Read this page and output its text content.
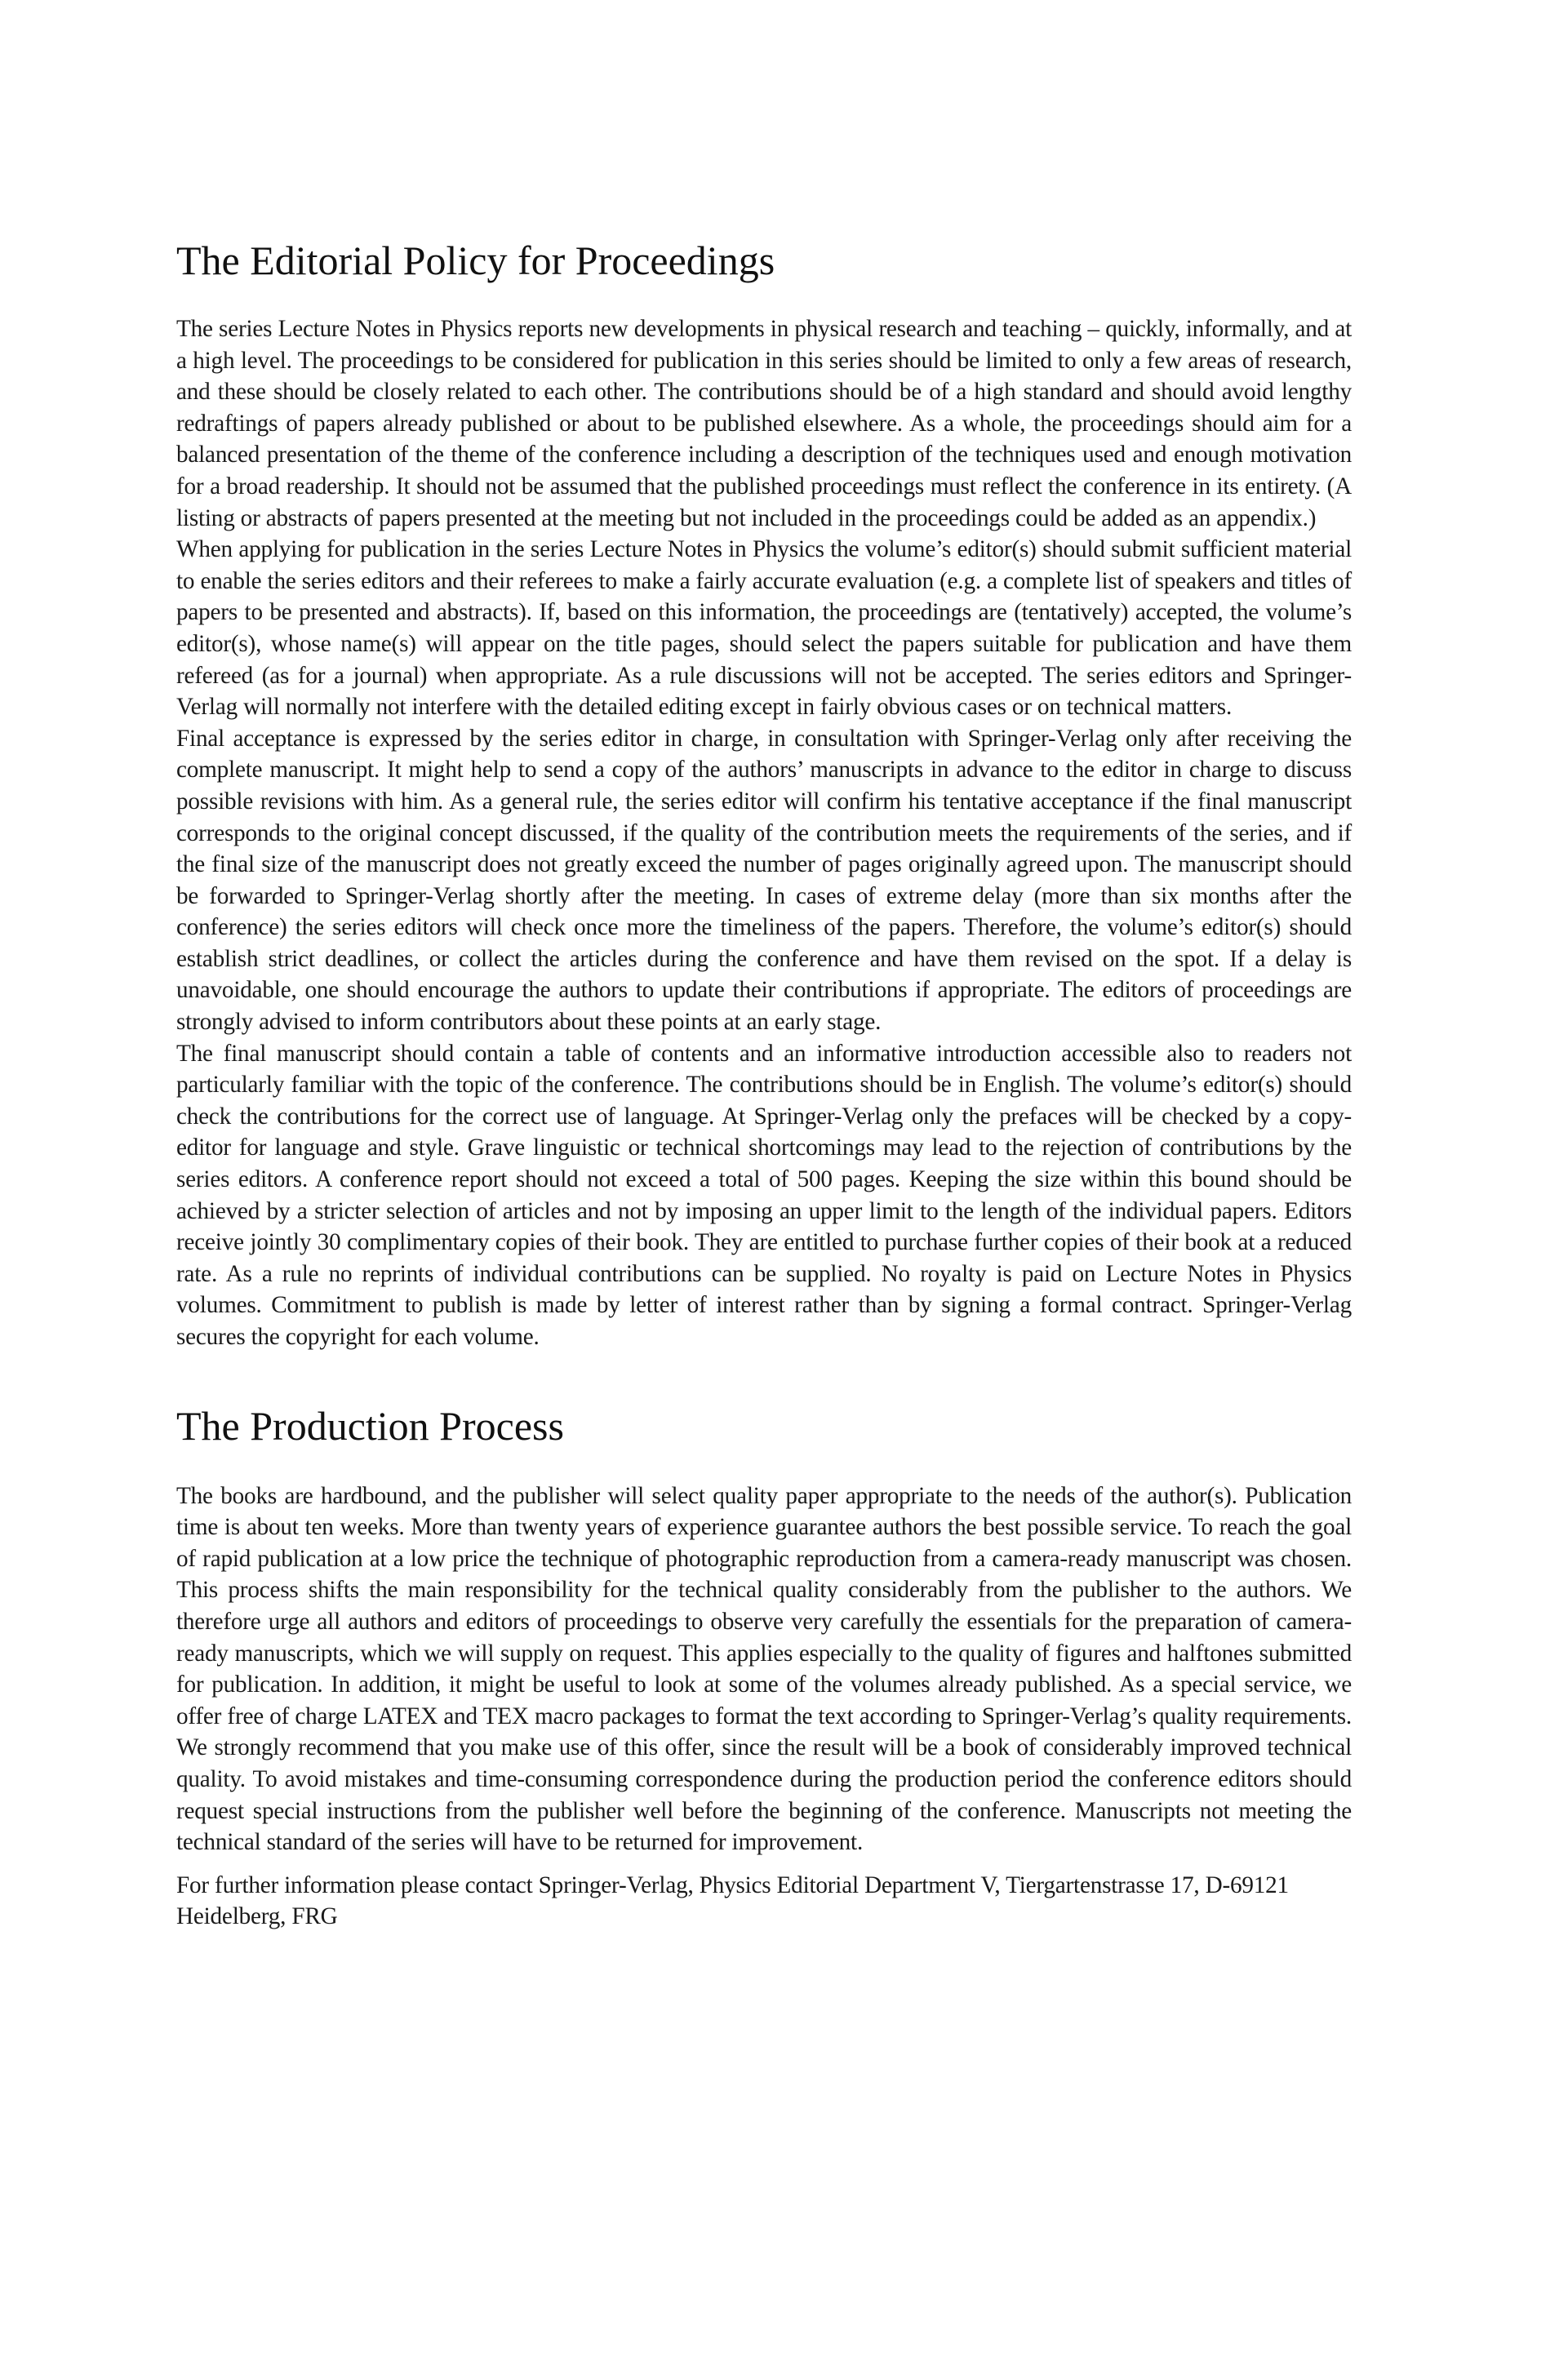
The Editorial Policy for Proceedings

The series Lecture Notes in Physics reports new developments in physical research and teaching – quickly, informally, and at a high level. The proceedings to be considered for publication in this series should be limited to only a few areas of research, and these should be closely related to each other. The contributions should be of a high standard and should avoid lengthy redraftings of papers already published or about to be published elsewhere. As a whole, the proceedings should aim for a balanced presentation of the theme of the conference including a description of the techniques used and enough motivation for a broad readership. It should not be assumed that the published proceedings must reflect the conference in its entirety. (A listing or abstracts of papers presented at the meeting but not included in the proceedings could be added as an appendix.)

When applying for publication in the series Lecture Notes in Physics the volume’s editor(s) should submit sufficient material to enable the series editors and their referees to make a fairly accurate evaluation (e.g. a complete list of speakers and titles of papers to be presented and abstracts). If, based on this information, the proceedings are (tentatively) accepted, the volume’s editor(s), whose name(s) will appear on the title pages, should select the papers suitable for publication and have them refereed (as for a journal) when appropriate. As a rule discussions will not be accepted. The series editors and Springer-Verlag will normally not interfere with the detailed editing except in fairly obvious cases or on technical matters.

Final acceptance is expressed by the series editor in charge, in consultation with Springer-Verlag only after receiving the complete manuscript. It might help to send a copy of the authors’ manuscripts in advance to the editor in charge to discuss possible revisions with him. As a general rule, the series editor will confirm his tentative acceptance if the final manuscript corresponds to the original concept discussed, if the quality of the contribution meets the requirements of the series, and if the final size of the manuscript does not greatly exceed the number of pages originally agreed upon. The manuscript should be forwarded to Springer-Verlag shortly after the meeting. In cases of extreme delay (more than six months after the conference) the series editors will check once more the timeliness of the papers. Therefore, the volume’s editor(s) should establish strict deadlines, or collect the articles during the conference and have them revised on the spot. If a delay is unavoidable, one should encourage the authors to update their contributions if appropriate. The editors of proceedings are strongly advised to inform contributors about these points at an early stage.

The final manuscript should contain a table of contents and an informative introduction accessible also to readers not particularly familiar with the topic of the conference. The contributions should be in English. The volume’s editor(s) should check the contributions for the correct use of language. At Springer-Verlag only the prefaces will be checked by a copy-editor for language and style. Grave linguistic or technical shortcomings may lead to the rejection of contributions by the series editors. A conference report should not exceed a total of 500 pages. Keeping the size within this bound should be achieved by a stricter selection of articles and not by imposing an upper limit to the length of the individual papers. Editors receive jointly 30 complimentary copies of their book. They are entitled to purchase further copies of their book at a reduced rate. As a rule no reprints of individual contributions can be supplied. No royalty is paid on Lecture Notes in Physics volumes. Commitment to publish is made by letter of interest rather than by signing a formal contract. Springer-Verlag secures the copyright for each volume.

The Production Process

The books are hardbound, and the publisher will select quality paper appropriate to the needs of the author(s). Publication time is about ten weeks. More than twenty years of experience guarantee authors the best possible service. To reach the goal of rapid publication at a low price the technique of photographic reproduction from a camera-ready manuscript was chosen. This process shifts the main responsibility for the technical quality considerably from the publisher to the authors. We therefore urge all authors and editors of proceedings to observe very carefully the essentials for the preparation of camera-ready manuscripts, which we will supply on request. This applies especially to the quality of figures and halftones submitted for publication. In addition, it might be useful to look at some of the volumes already published. As a special service, we offer free of charge LATEX and TEX macro packages to format the text according to Springer-Verlag’s quality requirements. We strongly recommend that you make use of this offer, since the result will be a book of considerably improved technical quality. To avoid mistakes and time-consuming correspondence during the production period the conference editors should request special instructions from the publisher well before the beginning of the conference. Manuscripts not meeting the technical standard of the series will have to be returned for improvement.

For further information please contact Springer-Verlag, Physics Editorial Department V, Tiergartenstrasse 17, D-69121 Heidelberg, FRG
